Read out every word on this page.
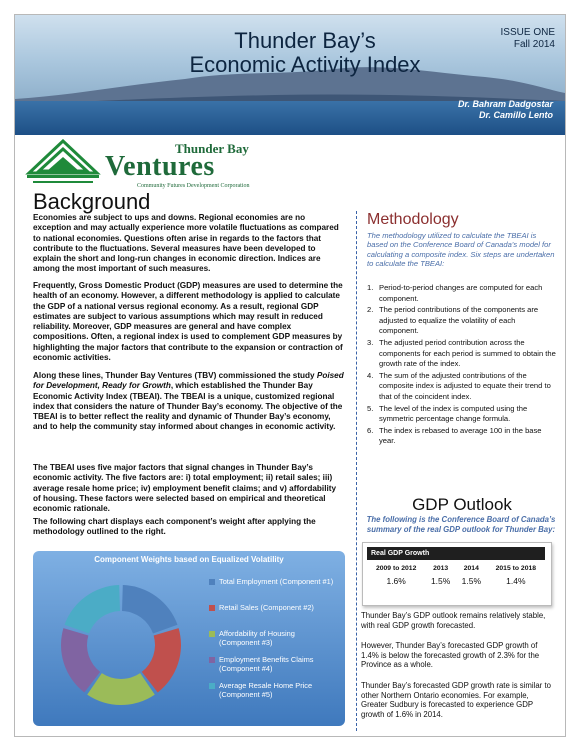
Thunder Bay’s
Economic Activity Index
ISSUE ONE
Fall 2014
Dr. Bahram Dadgostar
Dr. Camillo Lento
Thunder Bay
Ventures
Community Futures Development Corporation
Background

Economies are subject to ups and downs. Regional economies are no exception and may actually experience more volatile fluctuations as compared to national economies. Questions often arise in regards to the factors that contribute to the fluctuations. Several measures have been developed to explain the short and long-run changes in economic direction. Indices are among the most important of such measures.

Frequently, Gross Domestic Product (GDP) measures are used to determine the health of an economy. However, a different methodology is applied to calculate the GDP of a national versus regional economy. As a result, regional GDP estimates are subject to various assumptions which may result in reduced reliability. Moreover, GDP measures are general and have complex compositions. Often, a regional index is used to complement GDP measures by highlighting the major factors that contribute to the expansion or contraction of economic activities.

Along these lines, Thunder Bay Ventures (TBV) commissioned the study Poised for Development, Ready for Growth, which established the Thunder Bay Economic Activity Index (TBEAI). The TBEAI is a unique, customized regional index that considers the nature of Thunder Bay’s economy. The objective of the TBEAI is to better reflect the reality and dynamic of Thunder Bay’s economy, and to help the community stay informed about changes in economic activity.

The TBEAI uses five major factors that signal changes in Thunder Bay’s economic activity. The five factors are: i) total employment; ii) retail sales; iii) average resale home price; iv) employment benefit claims; and v) affordability of housing. These factors were selected based on empirical and theoretical economic rationale.

The following chart displays each component’s weight after applying the methodology outlined to the right.

Component Weights based on Equalized Volatility
Total Employment (Component #1)
Retail Sales (Component #2)
Affordability of Housing (Component #3)
Employment Benefits Claims (Component #4)
Average Resale Home Price (Component #5)
Methodology

The methodology utilized to calculate the TBEAI is based on the Conference Board of Canada’s model for calculating a composite index. Six steps are undertaken to calculate the TBEAI:

1. Period-to-period changes are computed for each component.
2. The period contributions of the components are adjusted to equalize the volatility of each component.
3. The adjusted period contribution across the components for each period is summed to obtain the growth rate of the index.
4. The sum of the adjusted contributions of the composite index is adjusted to equate their trend to that of the coincident index.
5. The level of the index is computed using the symmetric percentage change formula.
6. The index is rebased to average 100 in the base year.
GDP Outlook

The following is the Conference Board of Canada’s summary of the real GDP outlook for Thunder Bay:

Real GDP Growth			
2009 to 2012	2013	2014	2015 to 2018
1.6%	1.5%	1.5%	1.4%

Thunder Bay’s GDP outlook remains relatively stable, with real GDP growth forecasted.

However, Thunder Bay’s forecasted GDP growth of 1.4% is below the forecasted growth of 2.3% for the Province as a whole.

Thunder Bay’s forecasted GDP growth rate is similar to other Northern Ontario economies. For example, Greater Sudbury is forecasted to experience GDP growth of 1.6% in 2014.
